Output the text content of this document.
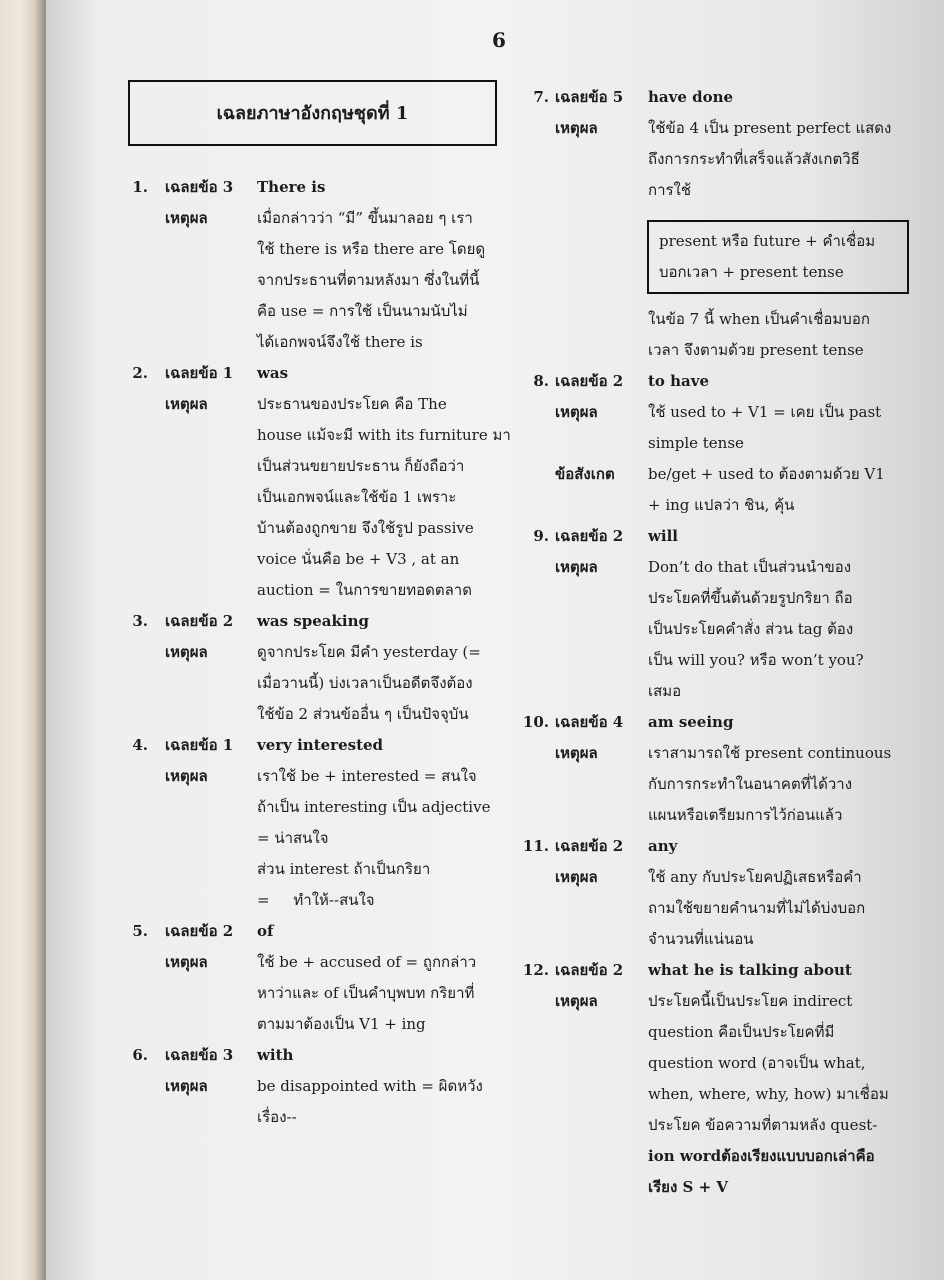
6
เฉลยภาษาอังกฤษชุดที่ 1
1. เฉลยข้อ 3 There is
เหตุผล	เมื่อกล่าวว่า “มี” ขึ้นมาลอย ๆ เรา
ใช้ there is หรือ there are โดยดู
จากประธานที่ตามหลังมา ซึ่งในที่นี้
คือ use = การใช้ เป็นนามนับไม่
ได้เอกพจน์จึงใช้ there is
2. เฉลยข้อ 1 was
เหตุผล	ประธานของประโยค คือ The
house แม้จะมี with its furniture มา
เป็นส่วนขยายประธาน ก็ยังถือว่า
เป็นเอกพจน์และใช้ข้อ 1 เพราะ
บ้านต้องถูกขาย จึงใช้รูป passive
voice นั่นคือ be + V3 , at an
auction = ในการขายทอดตลาด
3. เฉลยข้อ 2 was speaking
เหตุผล	ดูจากประโยค มีคำ yesterday (=
เมื่อวานนี้) บ่งเวลาเป็นอดีตจึงต้อง
ใช้ข้อ 2 ส่วนข้ออื่น ๆ เป็นปัจจุบัน
4. เฉลยข้อ 1 very interested
เหตุผล	เราใช้ be + interested = สนใจ
ถ้าเป็น interesting เป็น adjective
= น่าสนใจ
ส่วน interest ถ้าเป็นกริยา
=     ทำให้--สนใจ
5. เฉลยข้อ 2 of
เหตุผล	ใช้ be + accused of = ถูกกล่าว
หาว่าและ of เป็นคำบุพบท กริยาที่
ตามมาต้องเป็น V1 + ing
6. เฉลยข้อ 3 with
เหตุผล	be disappointed with = ผิดหวัง
เรื่อง--
7. เฉลยข้อ 5 have done
เหตุผล	ใช้ข้อ 4 เป็น present perfect แสดง
ถึงการกระทำที่เสร็จแล้วสังเกตวิธี
การใช้
present หรือ future + คำเชื่อม
บอกเวลา + present tense
ในข้อ 7 นี้ when เป็นคำเชื่อมบอก
เวลา จึงตามด้วย present tense
8. เฉลยข้อ 2 to have
เหตุผล	ใช้ used to + V1 = เคย เป็น past
simple tense
ข้อสังเกต be/get + used to ต้องตามด้วย V1
+ ing แปลว่า ชิน, คุ้น
9. เฉลยข้อ 2 will
เหตุผล	Don’t do that เป็นส่วนนำของ
ประโยคที่ขึ้นต้นด้วยรูปกริยา ถือ
เป็นประโยคคำสั่ง ส่วน tag ต้อง
เป็น will you? หรือ won’t you?
เสมอ
10. เฉลยข้อ 4 am seeing
เหตุผล	เราสามารถใช้ present continuous
กับการกระทำในอนาคตที่ได้วาง
แผนหรือเตรียมการไว้ก่อนแล้ว
11. เฉลยข้อ 2 any
เหตุผล	ใช้ any กับประโยคปฏิเสธหรือคำ
ถามใช้ขยายคำนามที่ไม่ได้บ่งบอก
จำนวนที่แน่นอน
12. เฉลยข้อ 2 what he is talking about
เหตุผล	ประโยคนี้เป็นประโยค indirect
question คือเป็นประโยคที่มี
question word (อาจเป็น what,
when, where, why, how) มาเชื่อม
ประโยค ข้อความที่ตามหลัง quest-
ion wordต้องเรียงแบบบอกเล่าคือ
เรียง S + V
